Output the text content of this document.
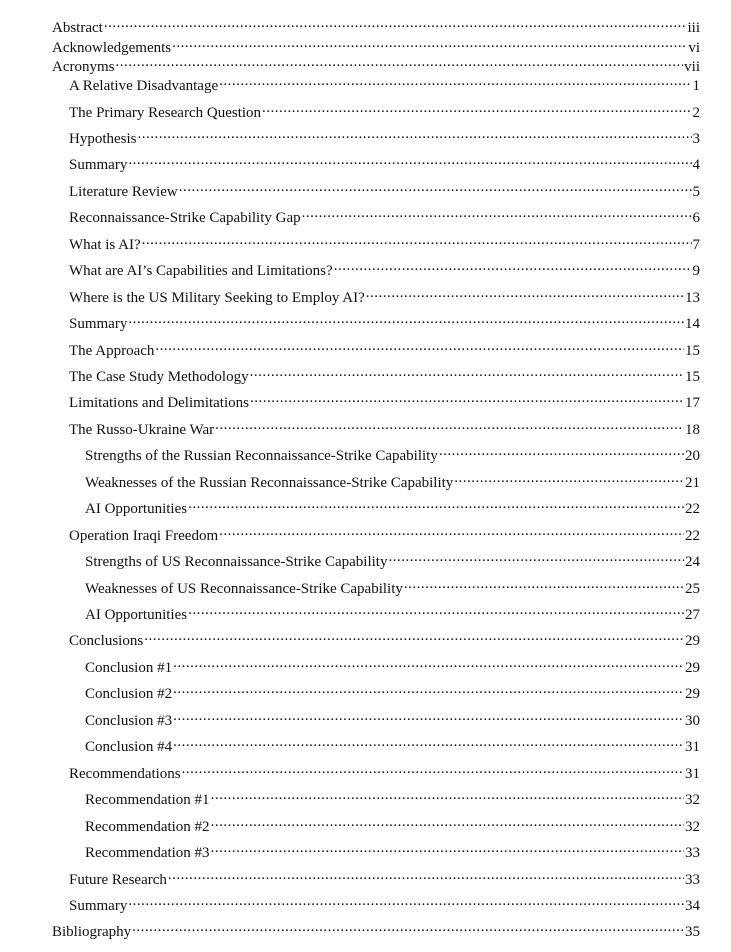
Abstract .....	iii
Acknowledgements .....	vi
Acronyms .....	vii
A Relative Disadvantage .....	1
The Primary Research Question .....	2
Hypothesis .....	3
Summary .....	4
Literature Review .....	5
Reconnaissance-Strike Capability Gap .....	6
What is AI? .....	7
What are AI’s Capabilities and Limitations? .....	9
Where is the US Military Seeking to Employ AI? .....	13
Summary .....	14
The Approach .....	15
The Case Study Methodology .....	15
Limitations and Delimitations .....	17
The Russo-Ukraine War .....	18
Strengths of the Russian Reconnaissance-Strike Capability .....	20
Weaknesses of the Russian Reconnaissance-Strike Capability .....	21
AI Opportunities .....	22
Operation Iraqi Freedom .....	22
Strengths of US Reconnaissance-Strike Capability .....	24
Weaknesses of US Reconnaissance-Strike Capability .....	25
AI Opportunities .....	27
Conclusions .....	29
Conclusion #1 .....	29
Conclusion #2 .....	29
Conclusion #3 .....	30
Conclusion #4 .....	31
Recommendations .....	31
Recommendation #1 .....	32
Recommendation #2 .....	32
Recommendation #3 .....	33
Future Research .....	33
Summary .....	34
Bibliography .....	35
